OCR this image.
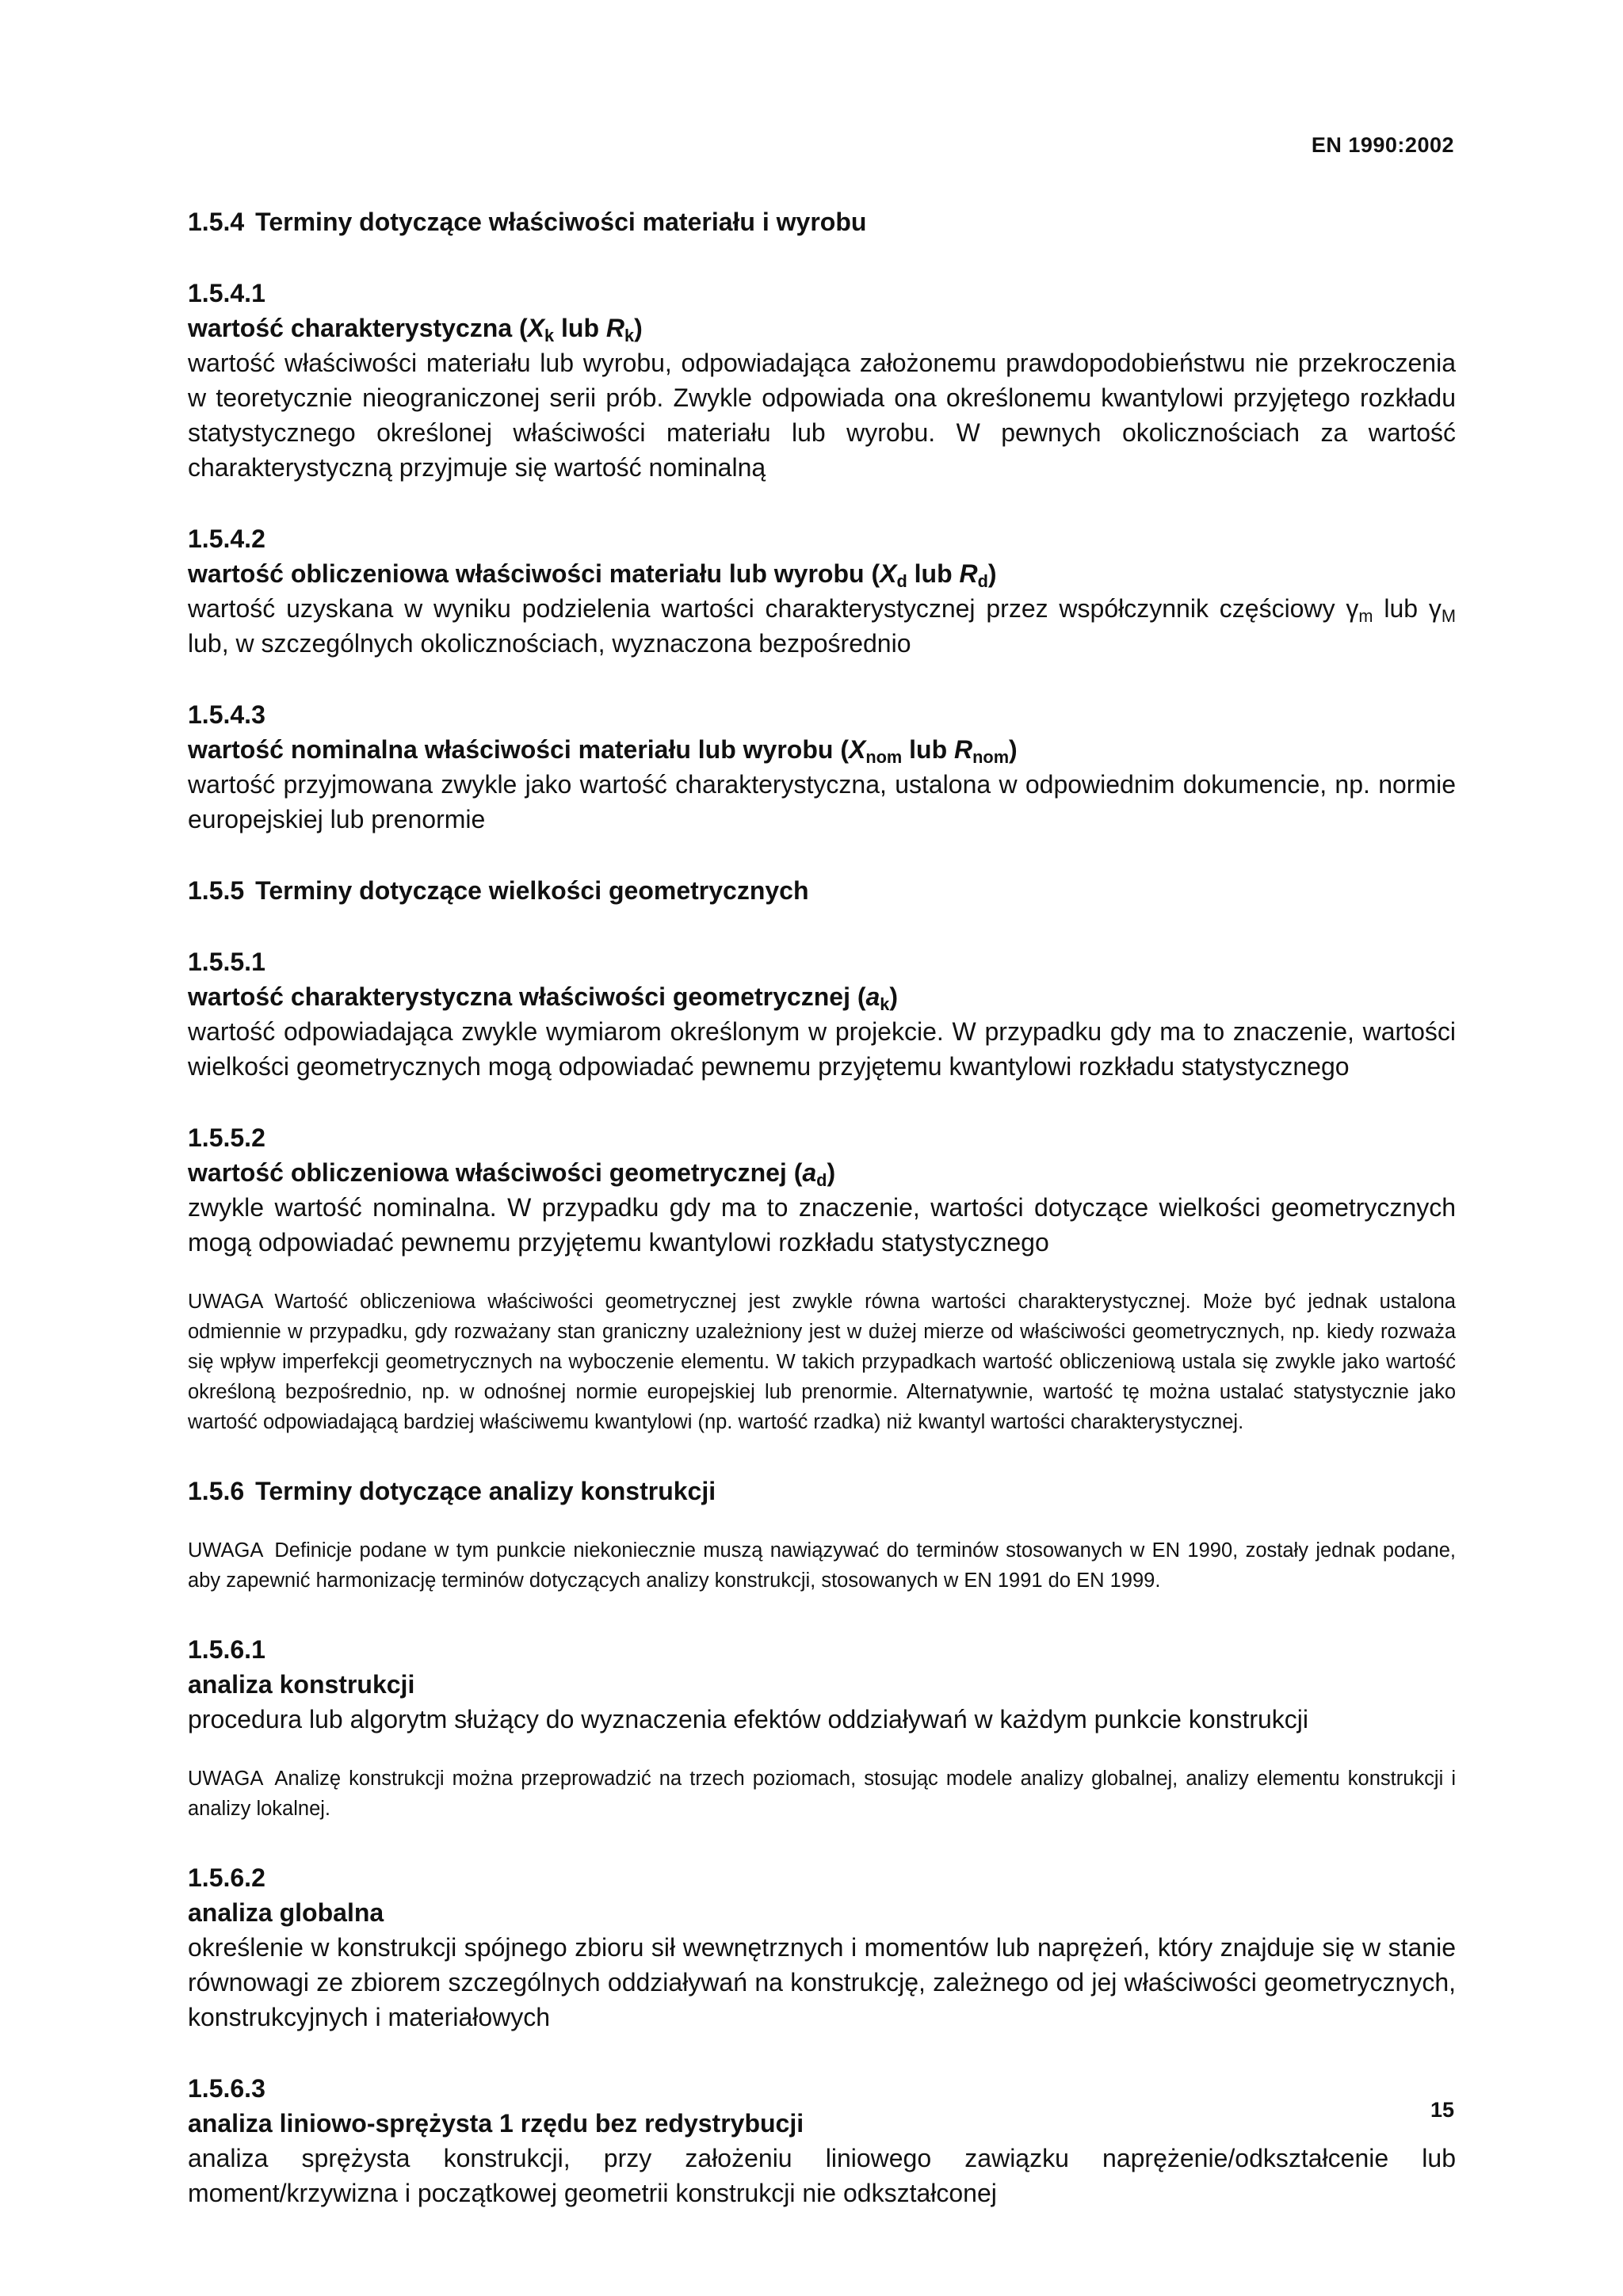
EN 1990:2002
1.5.4 Terminy dotyczące właściwości materiału i wyrobu

1.5.4.1

wartość charakterystyczna ($X_k$ lub $R_k$)

wartość właściwości materiału lub wyrobu, odpowiadająca założonemu prawdopodobieństwu nie przekroczenia w teoretycznie nieograniczonej serii prób. Zwykle odpowiada ona określonemu kwantylowi przyjętego rozkładu statystycznego określonej właściwości materiału lub wyrobu. W pewnych okolicznościach za wartość charakterystyczną przyjmuje się wartość nominalną

1.5.4.2

wartość obliczeniowa właściwości materiału lub wyrobu ($X_d$ lub $R_d$)

wartość uzyskana w wyniku podzielenia wartości charakterystycznej przez współczynnik częściowy $\gamma_m$ lub $\gamma_M$ lub, w szczególnych okolicznościach, wyznaczona bezpośrednio

1.5.4.3

wartość nominalna właściwości materiału lub wyrobu ($X_{nom}$ lub $R_{nom}$)

wartość przyjmowana zwykle jako wartość charakterystyczna, ustalona w odpowiednim dokumencie, np. normie europejskiej lub prenormie

1.5.5 Terminy dotyczące wielkości geometrycznych

1.5.5.1

wartość charakterystyczna właściwości geometrycznej $(a_k)$

wartość odpowiadająca zwykle wymiarom określonym w projekcie. W przypadku gdy ma to znaczenie, wartości wielkości geometrycznych mogą odpowiadać pewnemu przyjętemu kwantylowi rozkładu statystycznego

1.5.5.2

wartość obliczeniowa właściwości geometrycznej $(a_d)$

zwykle wartość nominalna. W przypadku gdy ma to znaczenie, wartości dotyczące wielkości geometrycznych mogą odpowiadać pewnemu przyjętemu kwantylowi rozkładu statystycznego

UWAGA Wartość obliczeniowa właściwości geometrycznej jest zwykle równa wartości charakterystycznej. Może być jednak ustalona odmiennie w przypadku, gdy rozważany stan graniczny uzależniony jest w dużej mierze od właściwości geometrycznych, np. kiedy rozważa się wpływ imperfekcji geometrycznych na wyboczenie elementu. W takich przypadkach wartość obliczeniową ustala się zwykle jako wartość określoną bezpośrednio, np. w odnośnej normie europejskiej lub prenormie. Alternatywnie, wartość tę można ustalać statystycznie jako wartość odpowiadającą bardziej właściwemu kwantylowi (np. wartość rzadka) niż kwantyl wartości charakterystycznej.

1.5.6 Terminy dotyczące analizy konstrukcji

UWAGA Definicje podane w tym punkcie niekoniecznie muszą nawiązywać do terminów stosowanych w EN 1990, zostały jednak podane, aby zapewnić harmonizację terminów dotyczących analizy konstrukcji, stosowanych w EN 1991 do EN 1999.

1.5.6.1

analiza konstrukcji

procedura lub algorytm służący do wyznaczenia efektów oddziaływań w każdym punkcie konstrukcji

UWAGA Analizę konstrukcji można przeprowadzić na trzech poziomach, stosując modele analizy globalnej, analizy elementu konstrukcji i analizy lokalnej.

1.5.6.2

analiza globalna

określenie w konstrukcji spójnego zbioru sił wewnętrznych i momentów lub naprężeń, który znajduje się w stanie równowagi ze zbiorem szczególnych oddziaływań na konstrukcję, zależnego od jej właściwości geometrycznych, konstrukcyjnych i materiałowych

1.5.6.3

analiza liniowo-sprężysta 1 rzędu bez redystrybucji

analiza sprężysta konstrukcji, przy założeniu liniowego zawiązku naprężenie/odkształcenie lub moment/krzywizna i początkowej geometrii konstrukcji nie odkształconej

15
